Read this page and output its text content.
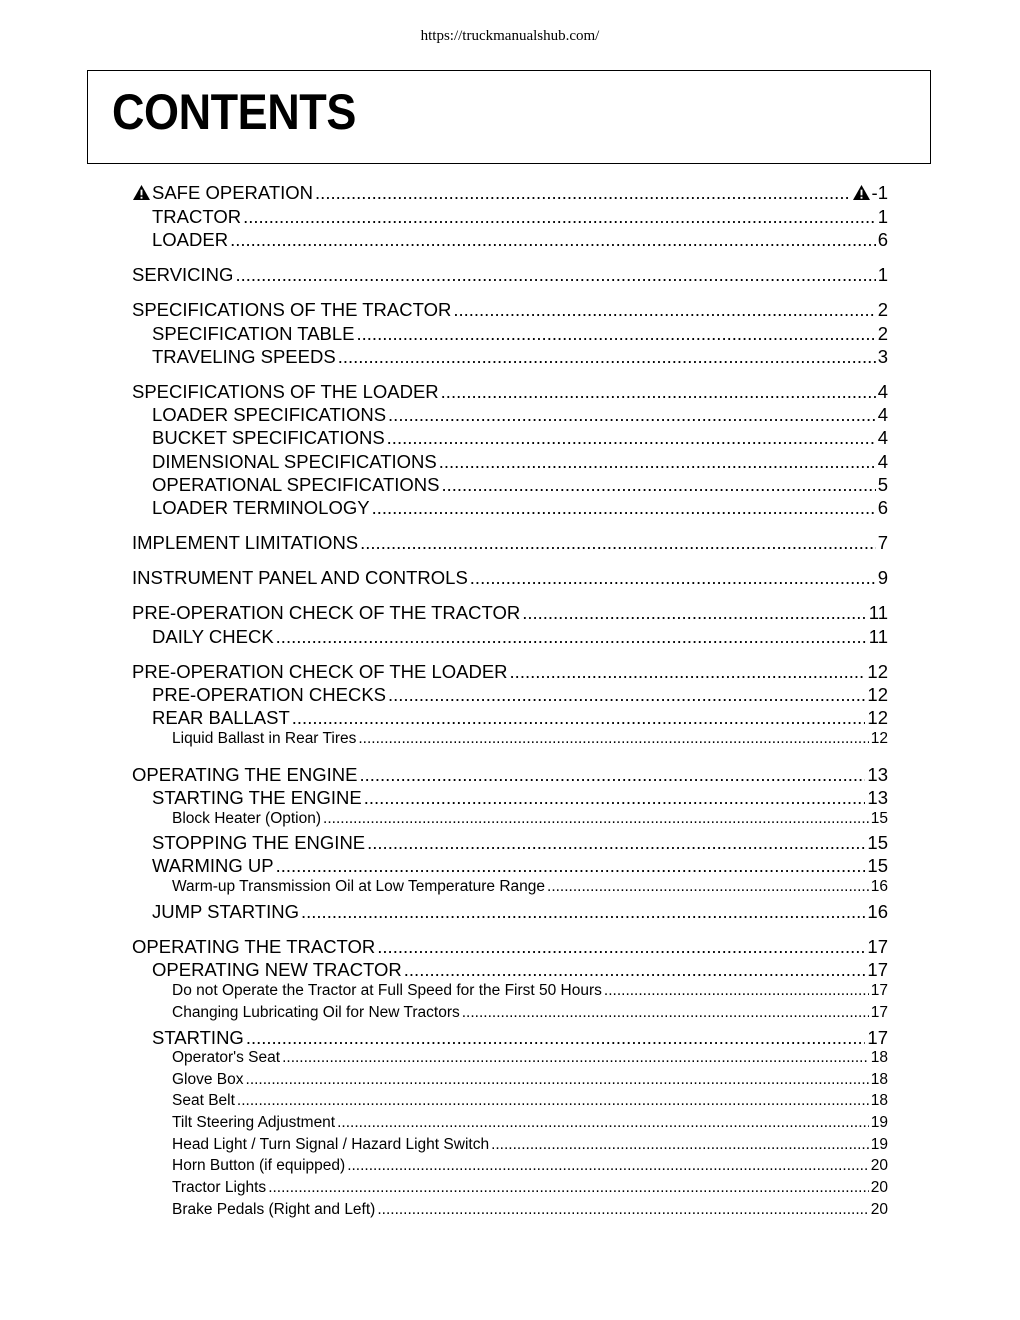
https://truckmanualshub.com/
CONTENTS
SAFE OPERATION .....	-1
TRACTOR .....	1
LOADER .....	6
SERVICING .....	1
SPECIFICATIONS OF THE TRACTOR .....	2
SPECIFICATION TABLE .....	2
TRAVELING SPEEDS .....	3
SPECIFICATIONS OF THE LOADER .....	4
LOADER SPECIFICATIONS .....	4
BUCKET SPECIFICATIONS .....	4
DIMENSIONAL SPECIFICATIONS .....	4
OPERATIONAL SPECIFICATIONS .....	5
LOADER TERMINOLOGY .....	6
IMPLEMENT LIMITATIONS .....	7
INSTRUMENT PANEL AND CONTROLS .....	9
PRE-OPERATION CHECK OF THE TRACTOR .....	11
DAILY CHECK .....	11
PRE-OPERATION CHECK OF THE LOADER .....	12
PRE-OPERATION CHECKS .....	12
REAR BALLAST .....	12
Liquid Ballast in Rear Tires .....	12
OPERATING THE ENGINE .....	13
STARTING THE ENGINE .....	13
Block Heater (Option) .....	15
STOPPING THE ENGINE .....	15
WARMING UP .....	15
Warm-up Transmission Oil at Low Temperature Range .....	16
JUMP STARTING .....	16
OPERATING THE TRACTOR .....	17
OPERATING NEW TRACTOR .....	17
Do not Operate the Tractor at Full Speed for the First 50 Hours .....	17
Changing Lubricating Oil for New Tractors .....	17
STARTING .....	17
Operator's Seat .....	18
Glove Box .....	18
Seat Belt .....	18
Tilt Steering Adjustment .....	19
Head Light / Turn Signal / Hazard Light Switch .....	19
Horn Button (if equipped) .....	20
Tractor Lights .....	20
Brake Pedals (Right and Left) .....	20
